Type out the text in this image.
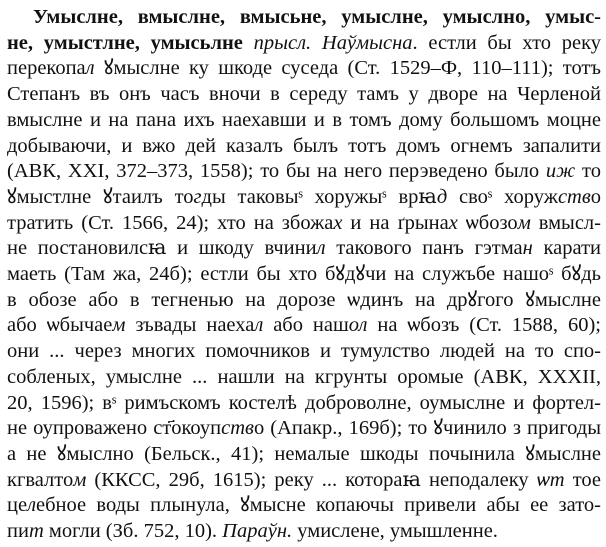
Умыслнe, вмыслнe, вмысьнe, умыслнe, умыслно, умыс-
нe, умыстлнe, умысьлнe прысл. Наўмысна. естли бы хто реку
перекопал ꙋмыслнe ку шкоде суседа (Ст. 1529–Ф, 110–111); тотъ
Степанъ въ онъ часъ вночи в середу тамъ у дворе на Черленой
вмыслнe и на пана ихъ наехавши и в томъ дому большомъ моцне
добываючи, и вжо дей казалъ былъ тотъ домъ огнемъ запалити
(АВК, XXI, 372–373, 1558); то бы на него перэведено было иж то
ꙋмыстлнe ꙋтаилъ тогды таковыˢ хоружыˢ врꙗд своˢ хоружство
тратить (Ст. 1566, 24); хто на збожах и на ґрынах ѡбозом вмысл-
нe постановилсꙗ и шкоду вчинил такового панъ гэтман карати
маеть (Там жа, 24б); естли бы хто бꙋдꙋчи на служъбе нашоˢ бꙋдь
в обозе або в тегненью на дорозе ѡдинъ на дрꙋгого ꙋмыслнe
або ѡбычаем зъвады наехал або нашол на ѡбозъ (Ст. 1588, 60);
они ... через многих помочников и тумулство людей на то спо-
собленых, умыслнe ... нашли на кгрунты оромые (АВК, XXXII,
20, 1596); вˢ римъскомъ костелѣ доброволне, оумыслнe и фортел-
не оупроважено ст҃окоупство (Апакр., 169б); то ꙋчинило з пригоды
а не ꙋмыслно (Бельск., 41); немалые шкоды почынила ꙋмыслнe
кгвалтом (ККСС, 29б, 1615); реку ... котораꙗ неподалеку ѡт тое
целебное воды плынула, ꙋмысне копаючы привели абы ее зато-
пит могли (Зб. 752, 10). Параўн. умислене, умышленне.
